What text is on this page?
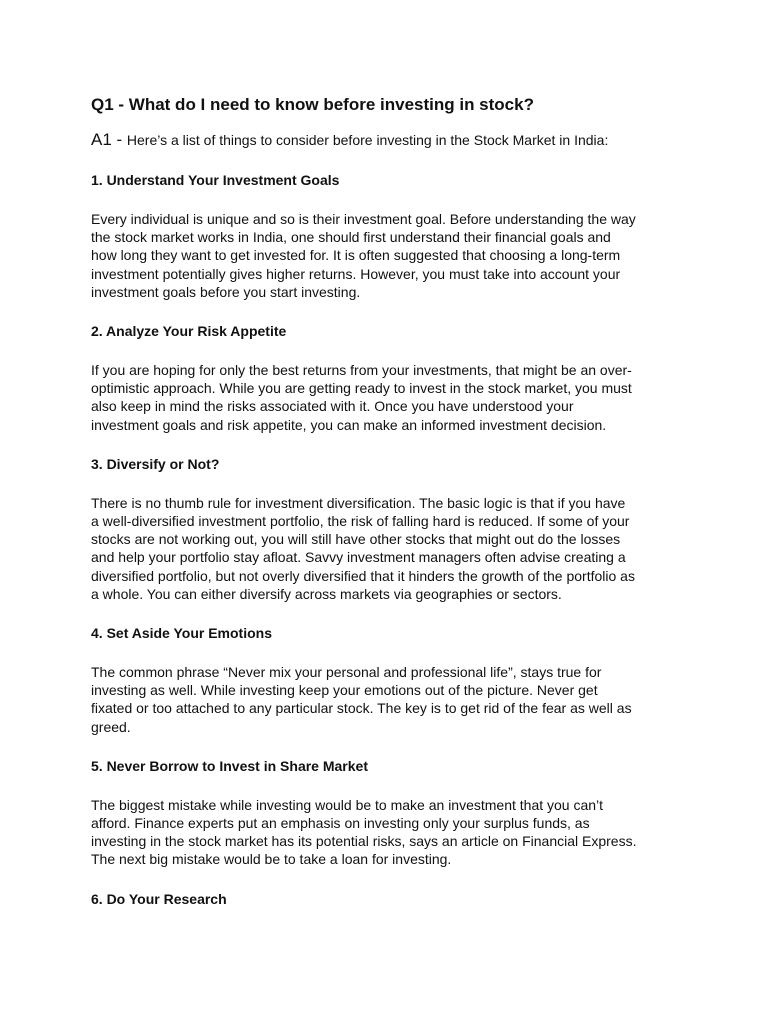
Q1 - What do I need to know before investing in stock?
A1 - Here’s a list of things to consider before investing in the Stock Market in India:
1. Understand Your Investment Goals
Every individual is unique and so is their investment goal. Before understanding the way
the stock market works in India, one should first understand their financial goals and
how long they want to get invested for. It is often suggested that choosing a long-term
investment potentially gives higher returns. However, you must take into account your
investment goals before you start investing.
2. Analyze Your Risk Appetite
If you are hoping for only the best returns from your investments, that might be an over-
optimistic approach. While you are getting ready to invest in the stock market, you must
also keep in mind the risks associated with it. Once you have understood your
investment goals and risk appetite, you can make an informed investment decision.
3. Diversify or Not?
There is no thumb rule for investment diversification. The basic logic is that if you have
a well-diversified investment portfolio, the risk of falling hard is reduced. If some of your
stocks are not working out, you will still have other stocks that might out do the losses
and help your portfolio stay afloat. Savvy investment managers often advise creating a
diversified portfolio, but not overly diversified that it hinders the growth of the portfolio as
a whole. You can either diversify across markets via geographies or sectors.
4. Set Aside Your Emotions
The common phrase “Never mix your personal and professional life”, stays true for
investing as well. While investing keep your emotions out of the picture. Never get
fixated or too attached to any particular stock. The key is to get rid of the fear as well as
greed.
5. Never Borrow to Invest in Share Market
The biggest mistake while investing would be to make an investment that you can’t
afford. Finance experts put an emphasis on investing only your surplus funds, as
investing in the stock market has its potential risks, says an article on Financial Express.
The next big mistake would be to take a loan for investing.
6. Do Your Research
